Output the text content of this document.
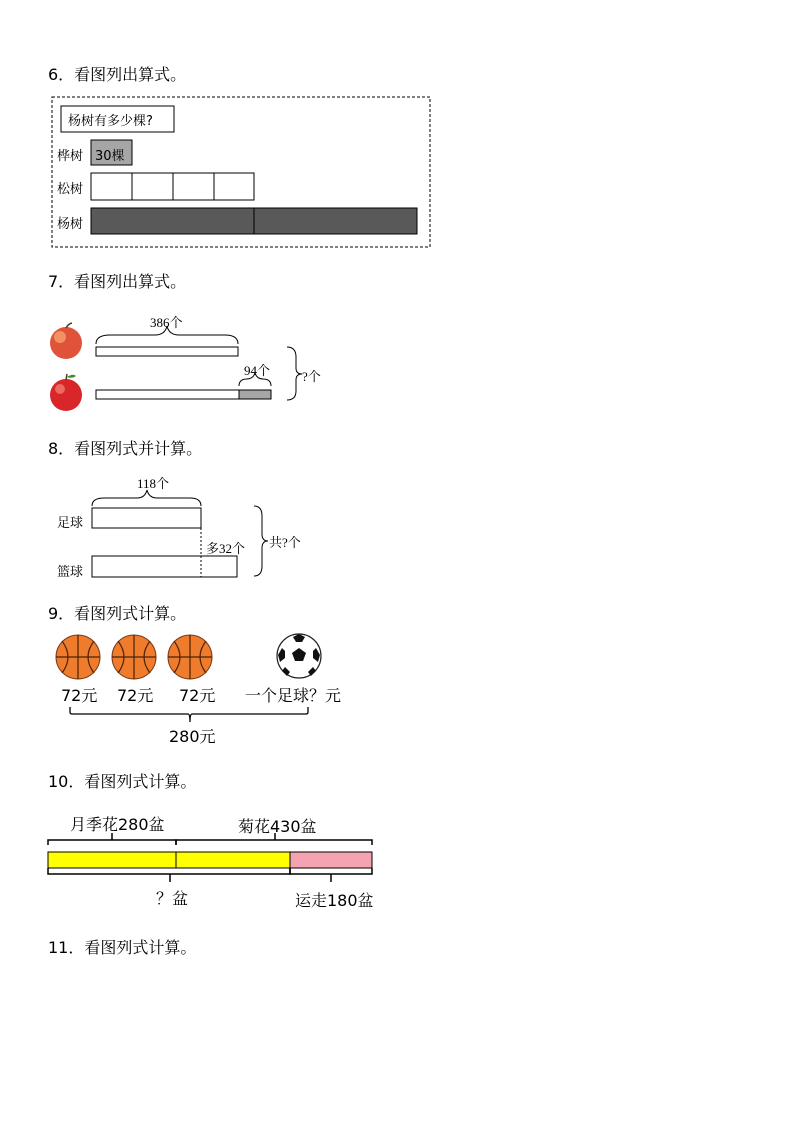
6．看图列出算式。
杨树有多少棵?
桦树 30棵
松树
杨树
7．看图列出算式。
386个
94个 ?个
8．看图列式并计算。
118个
足球
篮球
多32个 共?个
9．看图列式计算。
72元 72元 72元 一个足球？元
280元
10．看图列式计算。
月季花280盆	菊花430盆
？盆	运走180盆
11．看图列式计算。
